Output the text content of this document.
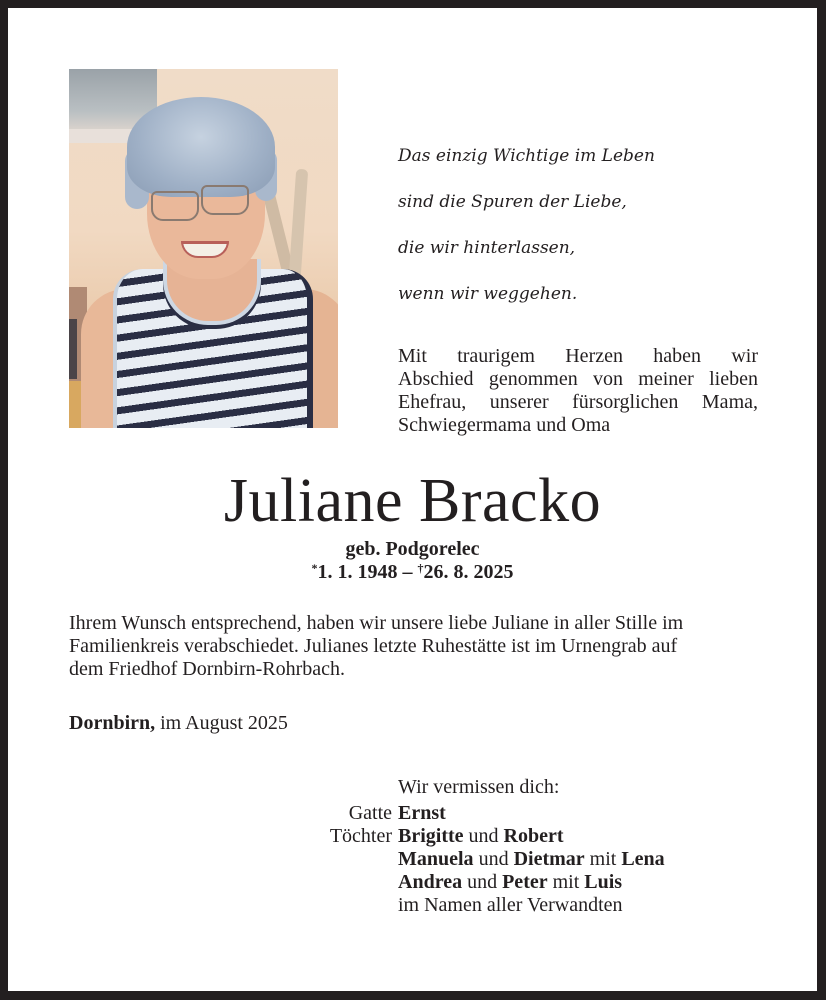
Das einzig Wichtige im Leben

sind die Spuren der Liebe,

die wir hinterlassen,

wenn wir weggehen.

Mit traurigem Herzen haben wir
Abschied genommen von meiner lieben
Ehefrau, unserer fürsorglichen Mama,
Schwiegermama und Oma
Juliane Bracko
geb. Podgorelec
*1. 1. 1948 – †26. 8. 2025
Ihrem Wunsch entsprechend, haben wir unsere liebe Juliane in aller Stille im
Familienkreis verabschiedet. Julianes letzte Ruhestätte ist im Urnengrab auf
dem Friedhof Dornbirn-Rohrbach.
Dornbirn, im August 2025
Wir vermissen dich:
Gatte Ernst
Töchter Brigitte und Robert
Manuela und Dietmar mit Lena
Andrea und Peter mit Luis
im Namen aller Verwandten
